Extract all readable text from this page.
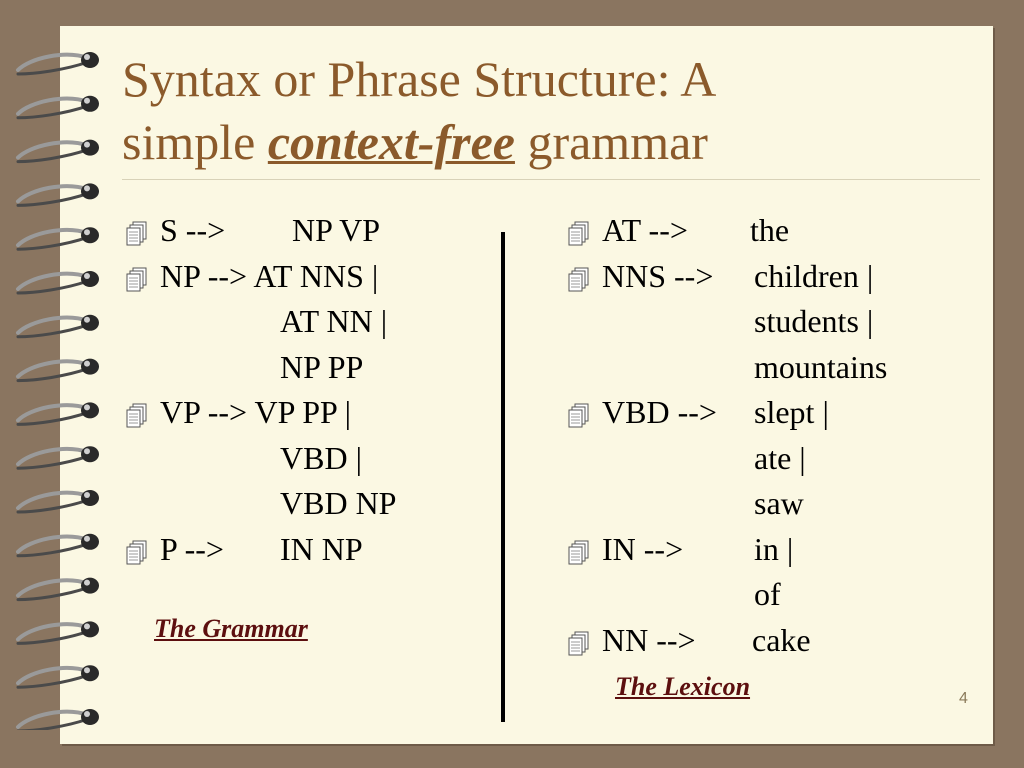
Syntax or Phrase Structure: A
simple context-free grammar
S --> NP VP
NP --> AT NNS |
AT NN |
NP PP
VP --> VP PP |
VBD |
VBD NP
P --> IN NP
The Grammar
AT --> the
NNS --> children |
students |
mountains
VBD --> slept |
ate |
saw
IN --> in |
of
NN --> cake
The Lexicon	4
